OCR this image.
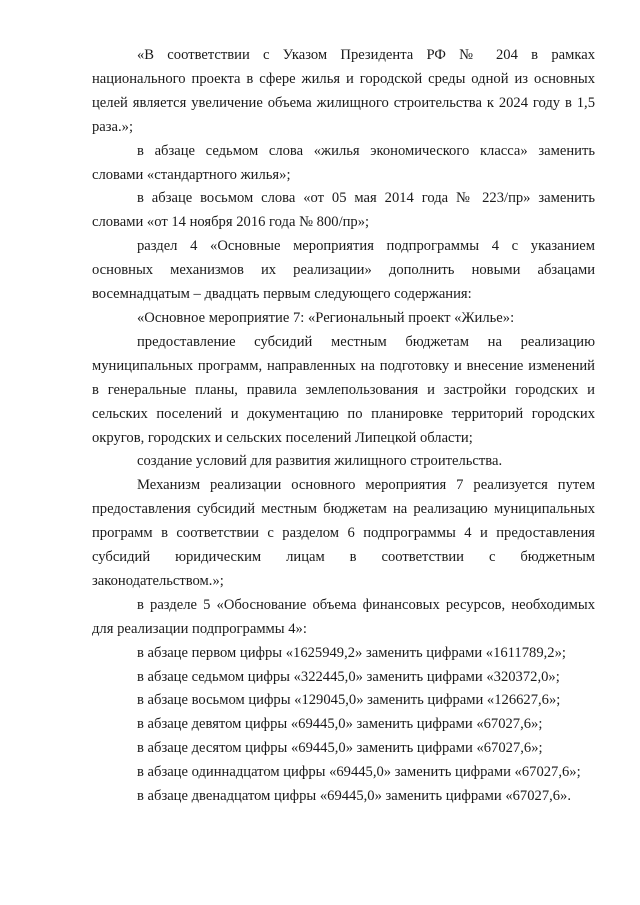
«В соответствии с Указом Президента РФ № 204 в рамках национального проекта в сфере жилья и городской среды одной из основных целей является увеличение объема жилищного строительства к 2024 году в 1,5 раза.»;

в абзаце седьмом слова «жилья экономического класса» заменить словами «стандартного жилья»;

в абзаце восьмом слова «от 05 мая 2014 года № 223/пр» заменить словами «от 14 ноября 2016 года № 800/пр»;

раздел 4 «Основные мероприятия подпрограммы 4 с указанием основных механизмов их реализации» дополнить новыми абзацами восемнадцатым – двадцать первым следующего содержания:

«Основное мероприятие 7: «Региональный проект «Жилье»:

предоставление субсидий местным бюджетам на реализацию муниципальных программ, направленных на подготовку и внесение изменений в генеральные планы, правила землепользования и застройки городских и сельских поселений и документацию по планировке территорий городских округов, городских и сельских поселений Липецкой области;

создание условий для развития жилищного строительства.

Механизм реализации основного мероприятия 7 реализуется путем предоставления субсидий местным бюджетам на реализацию муниципальных программ в соответствии с разделом 6 подпрограммы 4 и предоставления субсидий юридическим лицам в соответствии с бюджетным законодательством.»;

в разделе 5 «Обоснование объема финансовых ресурсов, необходимых для реализации подпрограммы 4»:

в абзаце первом цифры «1625949,2» заменить цифрами «1611789,2»;

в абзаце седьмом цифры «322445,0» заменить цифрами «320372,0»;

в абзаце восьмом цифры «129045,0» заменить цифрами «126627,6»;

в абзаце девятом цифры «69445,0» заменить цифрами «67027,6»;

в абзаце десятом цифры «69445,0» заменить цифрами «67027,6»;

в абзаце одиннадцатом цифры «69445,0» заменить цифрами «67027,6»;

в абзаце двенадцатом цифры «69445,0» заменить цифрами «67027,6».
